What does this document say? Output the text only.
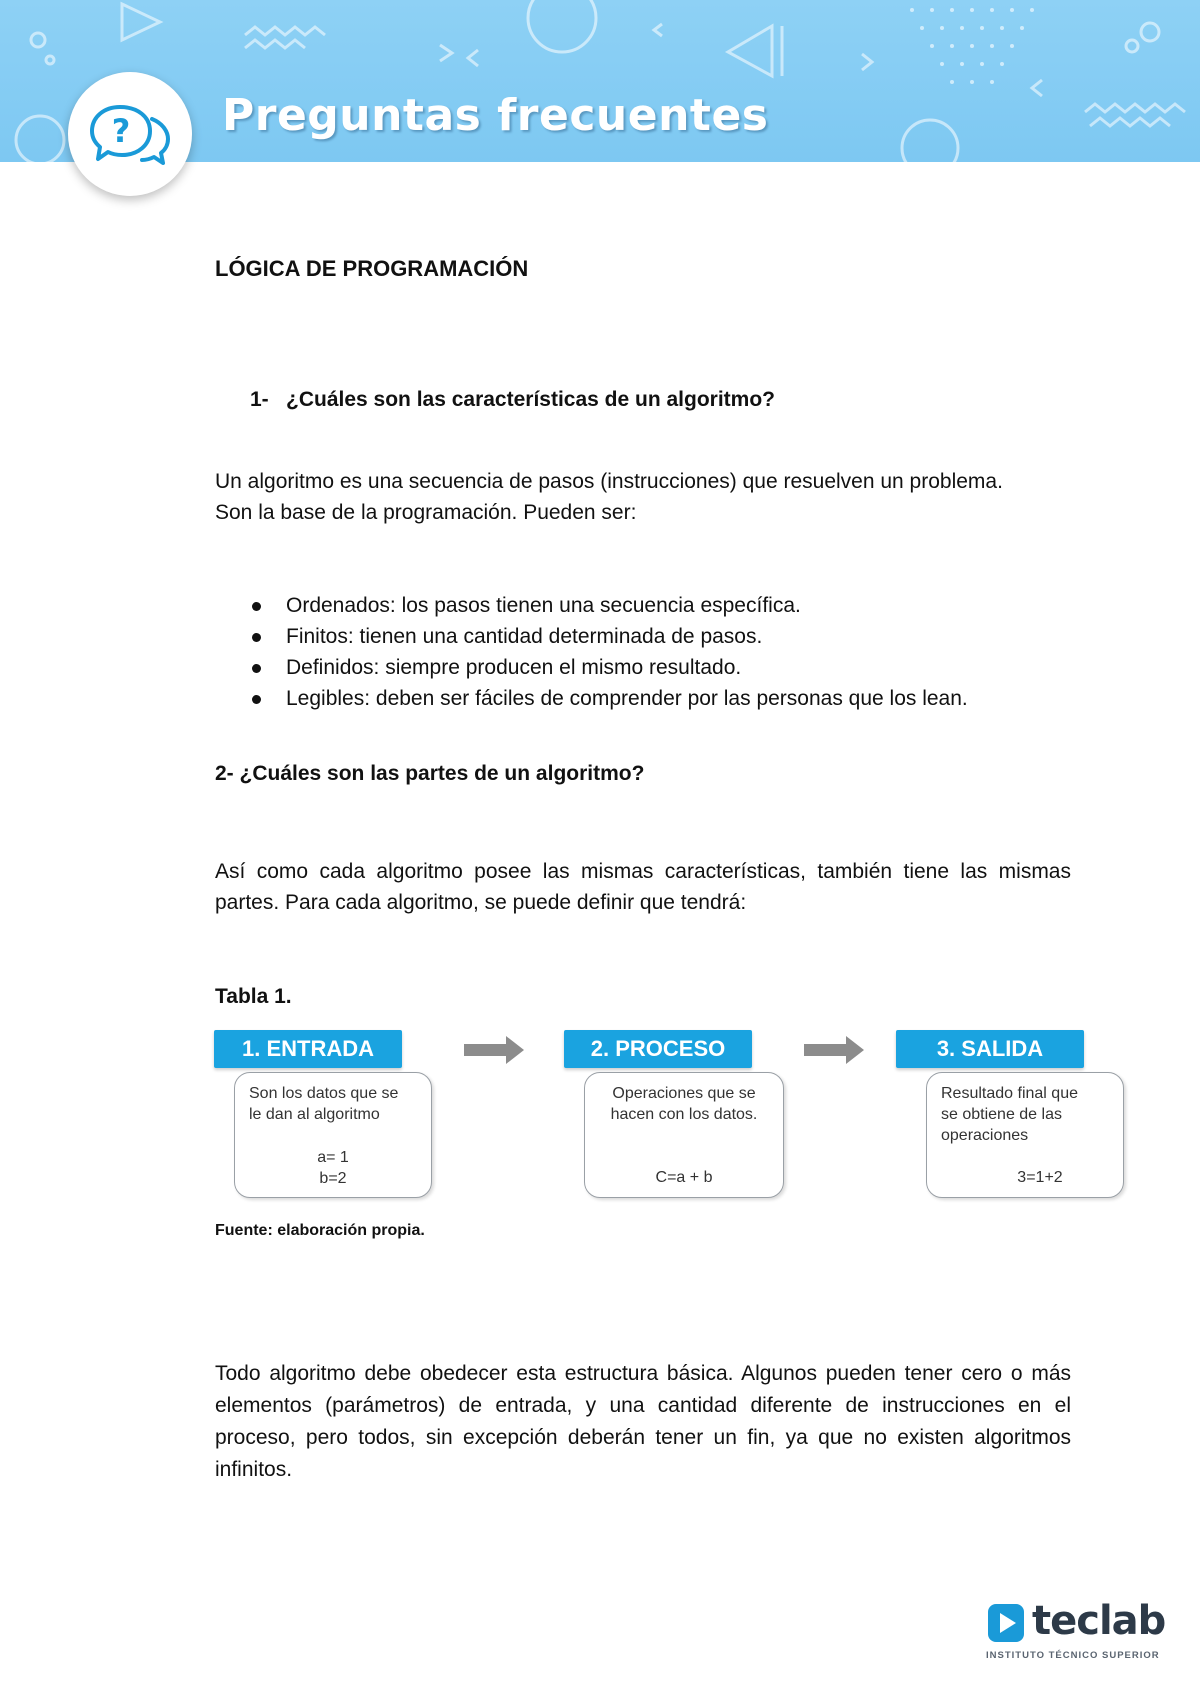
Preguntas frecuentes
?
LÓGICA DE PROGRAMACIÓN
1- ¿Cuáles son las características de un algoritmo?
Un algoritmo es una secuencia de pasos (instrucciones) que resuelven un problema.
Son la base de la programación. Pueden ser:
Ordenados: los pasos tienen una secuencia específica.
Finitos: tienen una cantidad determinada de pasos.
Definidos: siempre producen el mismo resultado.
Legibles: deben ser fáciles de comprender por las personas que los lean.
2- ¿Cuáles son las partes de un algoritmo?
Así como cada algoritmo posee las mismas características, también tiene las mismas partes. Para cada algoritmo, se puede definir que tendrá:
Tabla 1.
1. ENTRADA
Son los datos que se
le dan al algoritmo
a= 1
b=2
2. PROCESO
Operaciones que se
hacen con los datos.
C=a + b
3. SALIDA
Resultado final que
se obtiene de las
operaciones
3=1+2
Fuente: elaboración propia.
Todo algoritmo debe obedecer esta estructura básica. Algunos pueden tener cero o más elementos (parámetros) de entrada, y una cantidad diferente de instrucciones en el proceso, pero todos, sin excepción deberán tener un fin, ya que no existen algoritmos infinitos.
teclab
INSTITUTO TÉCNICO SUPERIOR
